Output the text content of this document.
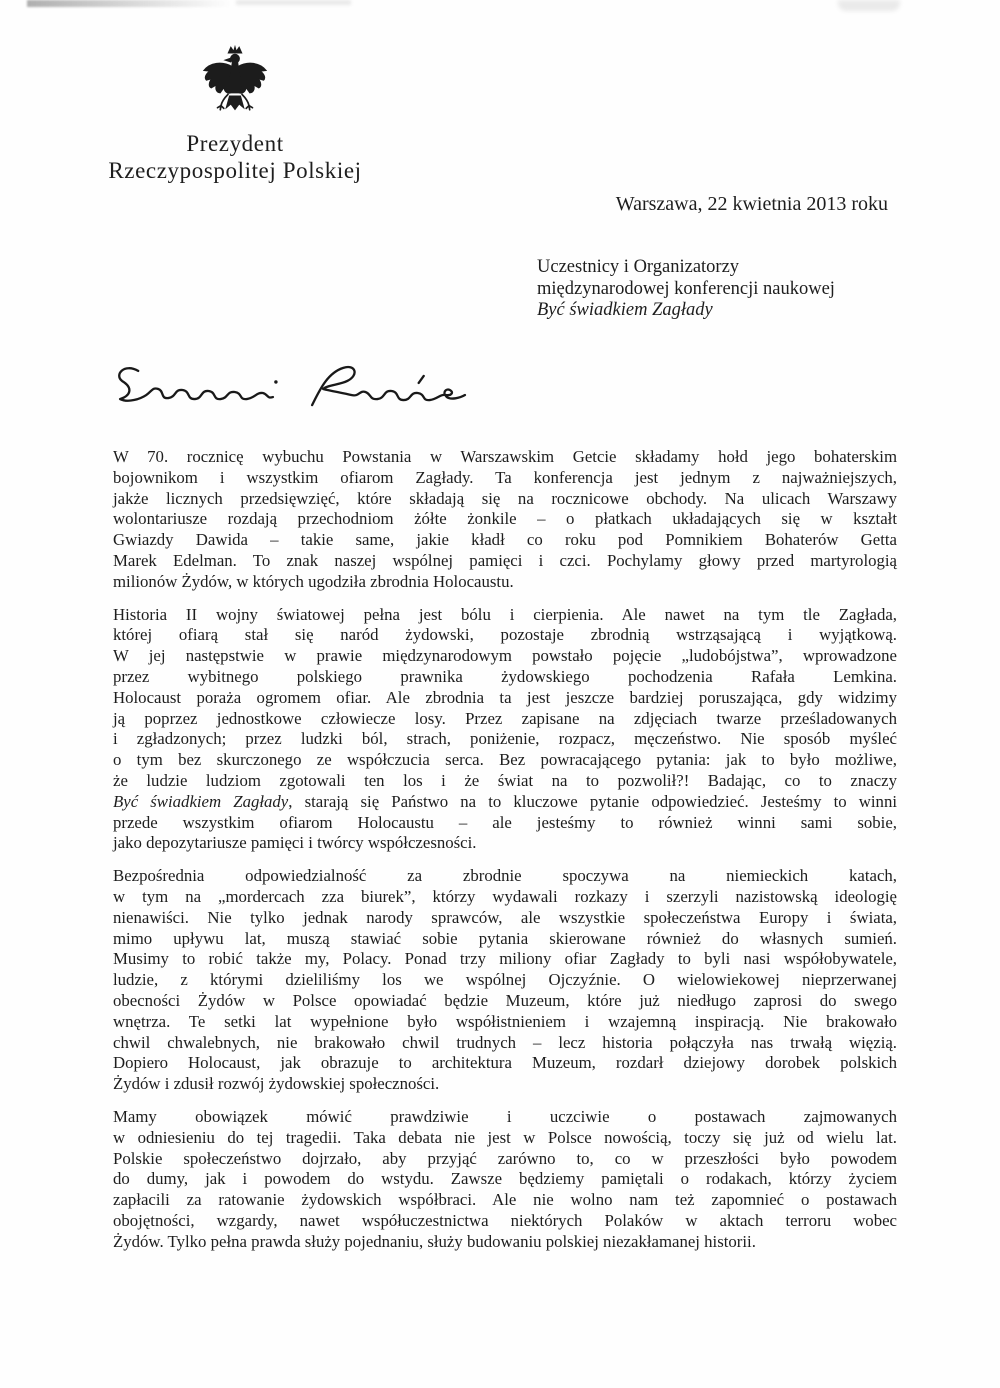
Prezydent
Rzeczypospolitej Polskiej
Warszawa, 22 kwietnia 2013 roku
Uczestnicy i Organizatorzy
międzynarodowej konferencji naukowej
Być świadkiem Zagłady
W 70. rocznicę wybuchu Powstania w Warszawskim Getcie składamy hołd jego bohaterskim
bojownikom i wszystkim ofiarom Zagłady. Ta konferencja jest jednym z najważniejszych,
jakże licznych przedsięwzięć, które składają się na rocznicowe obchody. Na ulicach Warszawy
wolontariusze rozdają przechodniom żółte żonkile – o płatkach układających się w kształt
Gwiazdy Dawida – takie same, jakie kładł co roku pod Pomnikiem Bohaterów Getta
Marek Edelman. To znak naszej wspólnej pamięci i czci. Pochylamy głowy przed martyrologią
milionów Żydów, w których ugodziła zbrodnia Holocaustu.
Historia II wojny światowej pełna jest bólu i cierpienia. Ale nawet na tym tle Zagłada,
której ofiarą stał się naród żydowski, pozostaje zbrodnią wstrząsającą i wyjątkową.
W jej następstwie w prawie międzynarodowym powstało pojęcie „ludobójstwa”, wprowadzone
przez wybitnego polskiego prawnika żydowskiego pochodzenia Rafała Lemkina.
Holocaust poraża ogromem ofiar. Ale zbrodnia ta jest jeszcze bardziej poruszająca, gdy widzimy
ją poprzez jednostkowe człowiecze losy. Przez zapisane na zdjęciach twarze prześladowanych
i zgładzonych; przez ludzki ból, strach, poniżenie, rozpacz, męczeństwo. Nie sposób myśleć
o tym bez skurczonego ze współczucia serca. Bez powracającego pytania: jak to było możliwe,
że ludzie ludziom zgotowali ten los i że świat na to pozwolił?! Badając, co to znaczy
Być świadkiem Zagłady, starają się Państwo na to kluczowe pytanie odpowiedzieć. Jesteśmy to winni
przede wszystkim ofiarom Holocaustu – ale jesteśmy to również winni sami sobie,
jako depozytariusze pamięci i twórcy współczesności.
Bezpośrednia odpowiedzialność za zbrodnie spoczywa na niemieckich katach,
w tym na „mordercach zza biurek”, którzy wydawali rozkazy i szerzyli nazistowską ideologię
nienawiści. Nie tylko jednak narody sprawców, ale wszystkie społeczeństwa Europy i świata,
mimo upływu lat, muszą stawiać sobie pytania skierowane również do własnych sumień.
Musimy to robić także my, Polacy. Ponad trzy miliony ofiar Zagłady to byli nasi współobywatele,
ludzie, z którymi dzieliliśmy los we wspólnej Ojczyźnie. O wielowiekowej nieprzerwanej
obecności Żydów w Polsce opowiadać będzie Muzeum, które już niedługo zaprosi do swego
wnętrza. Te setki lat wypełnione było współistnieniem i wzajemną inspiracją. Nie brakowało
chwil chwalebnych, nie brakowało chwil trudnych – lecz historia połączyła nas trwałą więzią.
Dopiero Holocaust, jak obrazuje to architektura Muzeum, rozdarł dziejowy dorobek polskich
Żydów i zdusił rozwój żydowskiej społeczności.
Mamy obowiązek mówić prawdziwie i uczciwie o postawach zajmowanych
w odniesieniu do tej tragedii. Taka debata nie jest w Polsce nowością, toczy się już od wielu lat.
Polskie społeczeństwo dojrzało, aby przyjąć zarówno to, co w przeszłości było powodem
do dumy, jak i powodem do wstydu. Zawsze będziemy pamiętali o rodakach, którzy życiem
zapłacili za ratowanie żydowskich współbraci. Ale nie wolno nam też zapomnieć o postawach
obojętności, wzgardy, nawet współuczestnictwa niektórych Polaków w aktach terroru wobec
Żydów. Tylko pełna prawda służy pojednaniu, służy budowaniu polskiej niezakłamanej historii.
